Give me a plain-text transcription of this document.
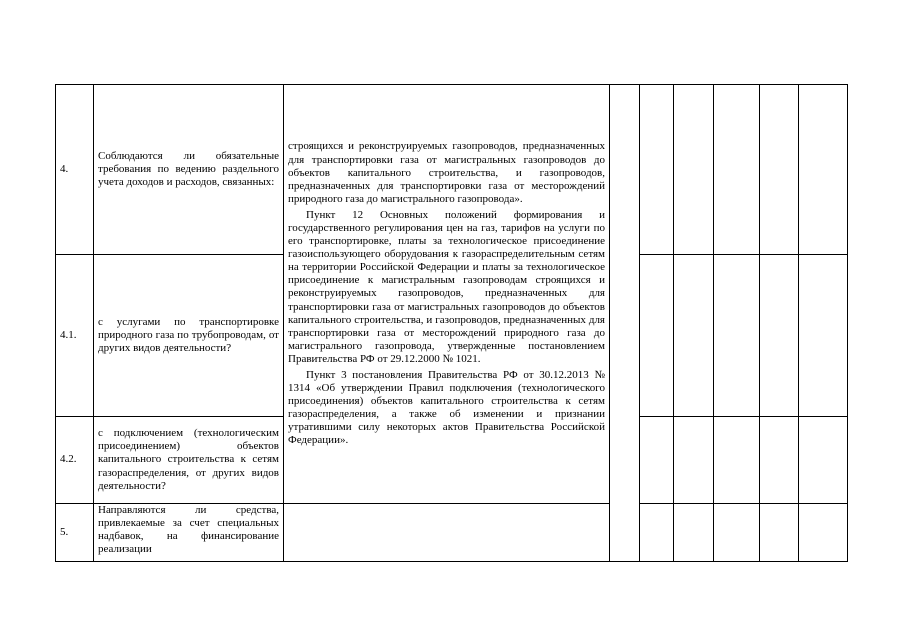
4.	Соблюдаются ли обязательные требования по ведению раздельного учета доходов и расходов, связанных:	строящихся и реконструируемых газопроводов, предназначенных для транспортировки газа от магистральных газопроводов до объектов капитального строительства, и газопроводов, предназначенных для транспортировки газа от месторождений природного газа до магистрального газопровода».

Пункт 12 Основных положений формирования и государственного регулирования цен на газ, тарифов на услуги по его транспортировке, платы за технологическое присоединение газоиспользующего оборудования к газораспределительным сетям на территории Российской Федерации и платы за технологическое присоединение к магистральным газопроводам строящихся и реконструируемых газопроводов, предназначенных для транспортировки газа от магистральных газопроводов до объектов капитального строительства, и газопроводов, предназначенных для транспортировки газа от месторождений природного газа до магистрального газопровода, утвержденные постановлением Правительства РФ от 29.12.2000 № 1021.

Пункт 3 постановления Правительства РФ от 30.12.2013 № 1314 «Об утверждении Правил подключения (технологического присоединения) объектов капитального строительства к сетям газораспределения, а также об изменении и признании утратившими силу некоторых актов Правительства Российской Федерации».						

4.1.	с услугами по транспортировке природного газа по трубопроводам, от других видов деятельности?							
4.2.	с подключением (технологическим присоединением) объектов капитального строительства к сетям газораспределения, от других видов деятельности?							
5.	Направляются ли средства, привлекаемые за счет специальных надбавок, на финансирование реализации							
